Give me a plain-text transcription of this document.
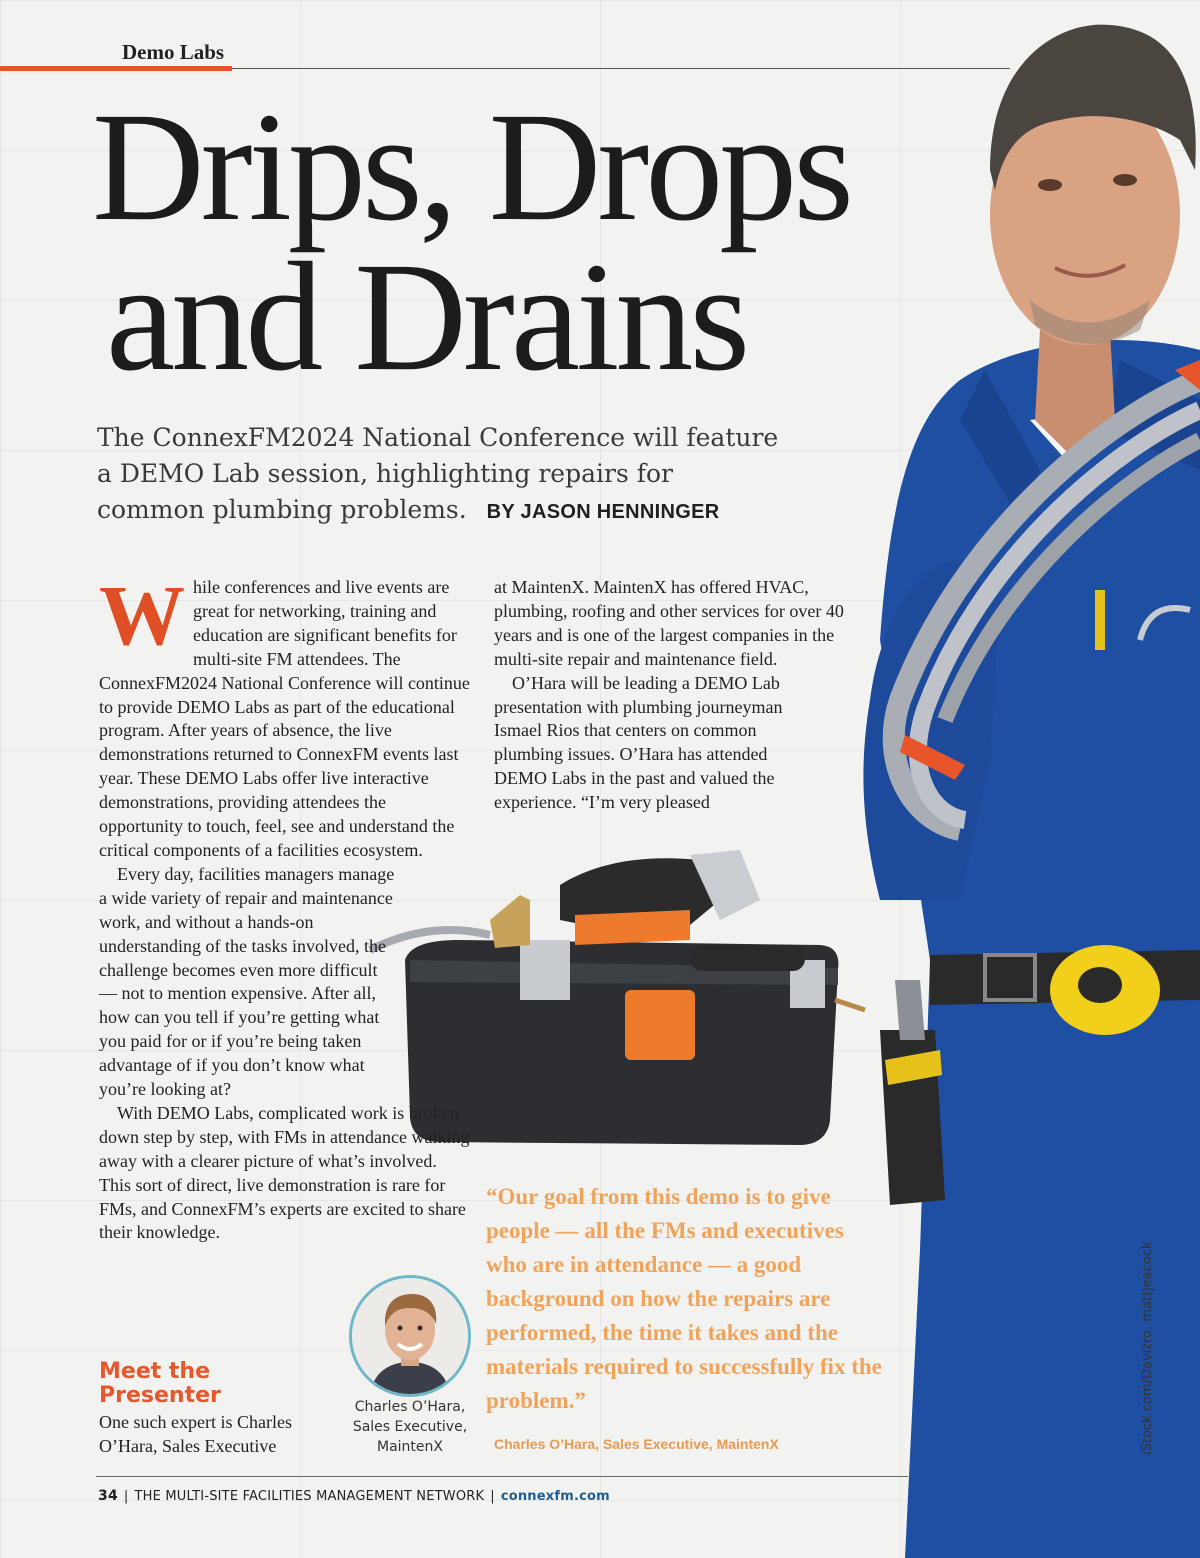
Demo Labs
Drips, Drops
and Drains
The ConnexFM2024 National Conference will feature a DEMO Lab session, highlighting repairs for common plumbing problems. BY JASON HENNINGER

W hile conferences and live events are great for networking, training and education are significant benefits for multi-site FM attendees. The ConnexFM2024 National Conference will continue to provide DEMO Labs as part of the educational program. After years of absence, the live demonstrations returned to ConnexFM events last year. These DEMO Labs offer live interactive demonstrations, providing attendees the opportunity to touch, feel, see and understand the critical components of a facilities ecosystem.

Every day, facilities managers manage a wide variety of repair and maintenance work, and without a hands-on understanding of the tasks involved, the challenge becomes even more difficult — not to mention expensive. After all, how can you tell if you’re getting what you paid for or if you’re being taken advantage of if you don’t know what you’re looking at?

With DEMO Labs, complicated work is broken down step by step, with FMs in attendance walking away with a clearer picture of what’s involved. This sort of direct, live demonstration is rare for FMs, and ConnexFM’s experts are excited to share their knowledge.

at MaintenX. MaintenX has offered HVAC, plumbing, roofing and other services for over 40 years and is one of the largest companies in the multi-site repair and maintenance field.

O’Hara will be leading a DEMO Lab presentation with plumbing journeyman Ismael Rios that centers on common plumbing issues. O’Hara has attended DEMO Labs in the past and valued the experience. “I’m very pleased

Meet the
Presenter
One such expert is Charles O’Hara, Sales Executive
Charles O’Hara,
Sales Executive,
MaintenX
“Our goal from this demo is to give people — all the FMs and executives who are in attendance — a good background on how the repairs are performed, the time it takes and the materials required to successfully fix the problem.”
Charles O’Hara, Sales Executive, MaintenX	iStock.com/Davizro, mattjeacock
34 | THE MULTI-SITE FACILITIES MANAGEMENT NETWORK | connexfm.com
